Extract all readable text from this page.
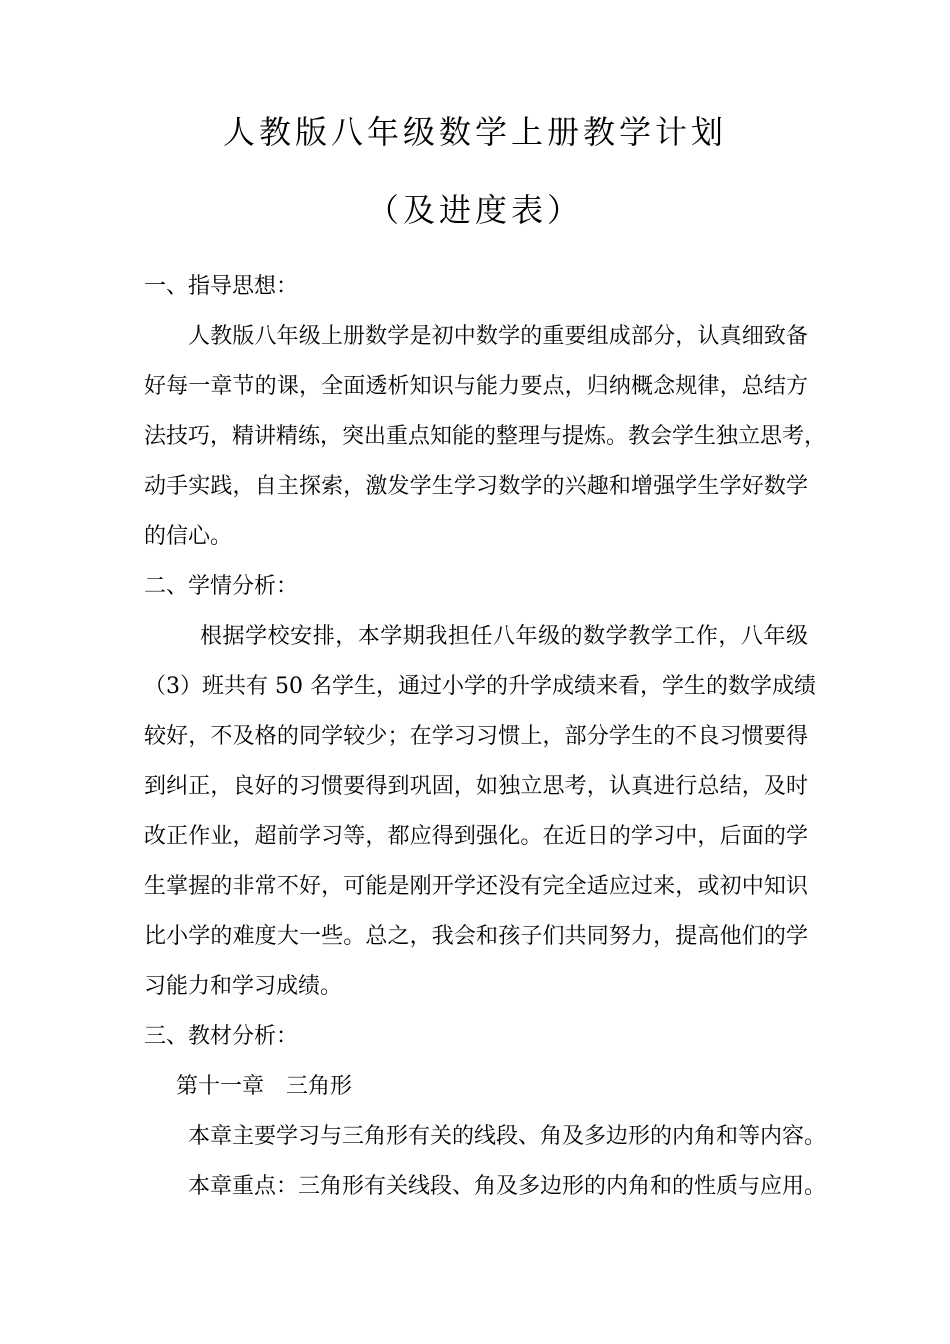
人教版八年级数学上册教学计划
（及进度表）
一、指导思想：
人教版八年级上册数学是初中数学的重要组成部分，认真细致备
好每一章节的课，全面透析知识与能力要点，归纳概念规律，总结方
法技巧，精讲精练，突出重点知能的整理与提炼。教会学生独立思考，
动手实践，自主探索，激发学生学习数学的兴趣和增强学生学好数学
的信心。
二、学情分析：
根据学校安排，本学期我担任八年级的数学教学工作，八年级
（3）班共有 50 名学生，通过小学的升学成绩来看，学生的数学成绩
较好，不及格的同学较少；在学习习惯上，部分学生的不良习惯要得
到纠正，良好的习惯要得到巩固，如独立思考，认真进行总结，及时
改正作业，超前学习等，都应得到强化。在近日的学习中，后面的学
生掌握的非常不好，可能是刚开学还没有完全适应过来，或初中知识
比小学的难度大一些。总之，我会和孩子们共同努力，提高他们的学
习能力和学习成绩。
三、教材分析：
第十一章　三角形
本章主要学习与三角形有关的线段、角及多边形的内角和等内容。
本章重点：三角形有关线段、角及多边形的内角和的性质与应用。
